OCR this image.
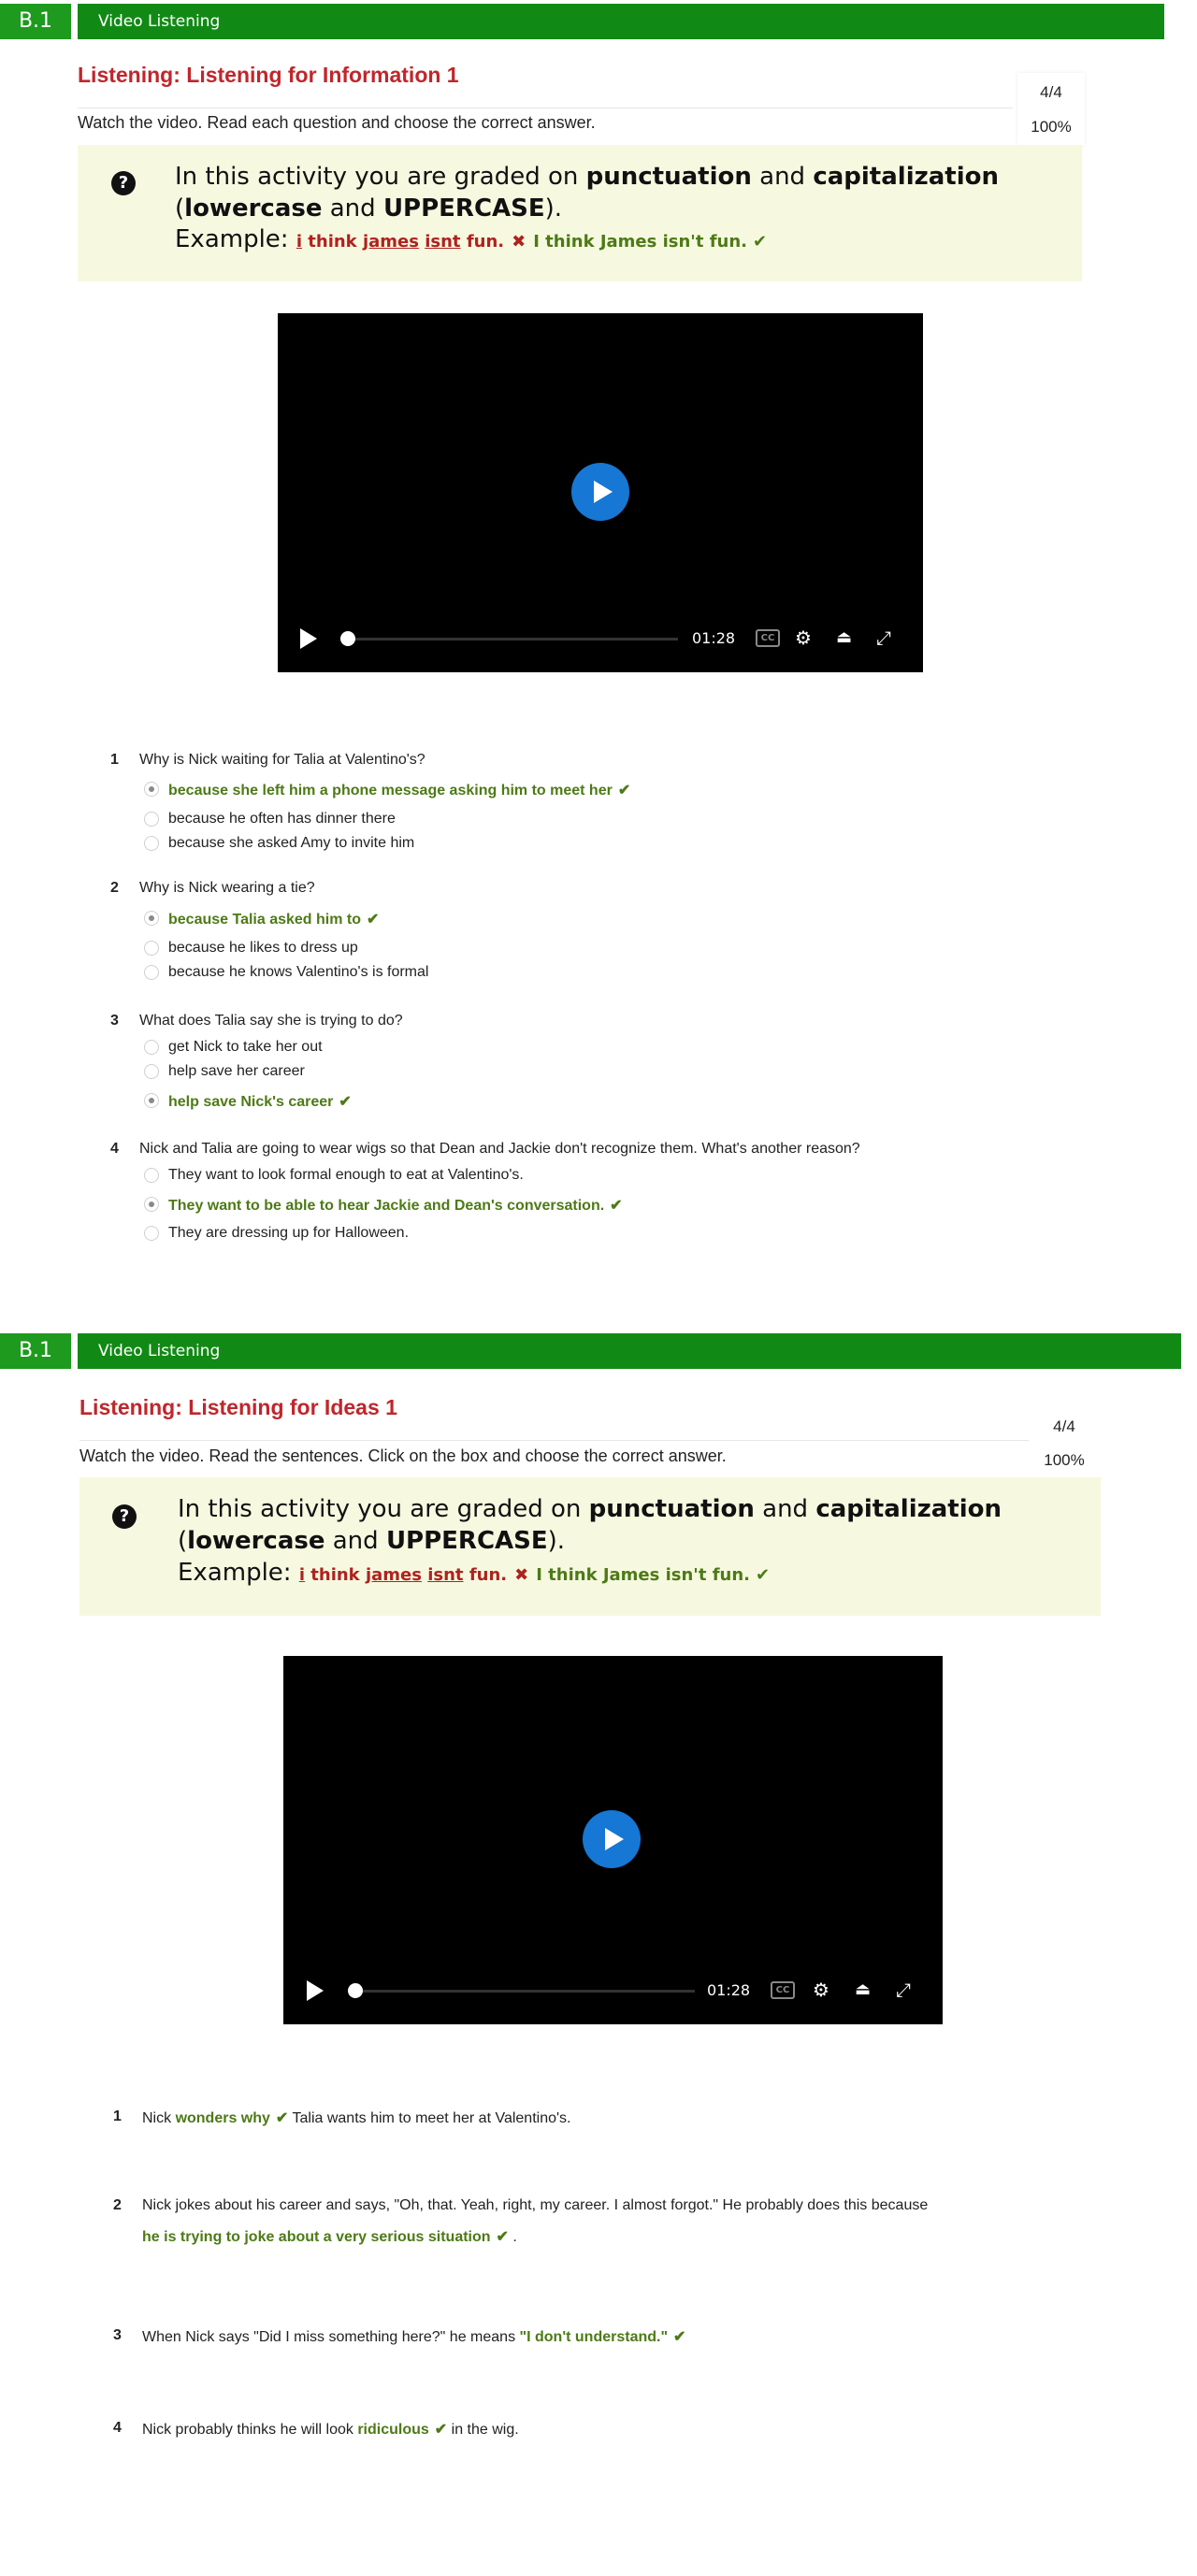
B.1	Video Listening
Listening: Listening for Information 1
4/4
100%
Watch the video. Read each question and choose the correct answer.
? In this activity you are graded on punctuation and capitalization
(lowercase and UPPERCASE).
Example: i think james isnt fun. ✖ I think James isn't fun. ✔
01:28	CC ⚙ ⏏ ⤢
1 Why is Nick waiting for Talia at Valentino's?
because she left him a phone message asking him to meet her ✔
because he often has dinner there
because she asked Amy to invite him
2 Why is Nick wearing a tie?
because Talia asked him to ✔
because he likes to dress up
because he knows Valentino's is formal
3 What does Talia say she is trying to do?
get Nick to take her out
help save her career
help save Nick's career ✔
4 Nick and Talia are going to wear wigs so that Dean and Jackie don't recognize them. What's another reason?
They want to look formal enough to eat at Valentino's.
They want to be able to hear Jackie and Dean's conversation. ✔
They are dressing up for Halloween.
B.1	Video Listening
Listening: Listening for Ideas 1
4/4
100%
Watch the video. Read the sentences. Click on the box and choose the correct answer.
? In this activity you are graded on punctuation and capitalization
(lowercase and UPPERCASE).
Example: i think james isnt fun. ✖ I think James isn't fun. ✔
01:28	CC ⚙ ⏏ ⤢
1 Nick wonders why ✔ Talia wants him to meet her at Valentino's.
2 Nick jokes about his career and says, "Oh, that. Yeah, right, my career. I almost forgot." He probably does this because
he is trying to joke about a very serious situation ✔ .
3 When Nick says "Did I miss something here?" he means "I don't understand." ✔
4 Nick probably thinks he will look ridiculous ✔ in the wig.
